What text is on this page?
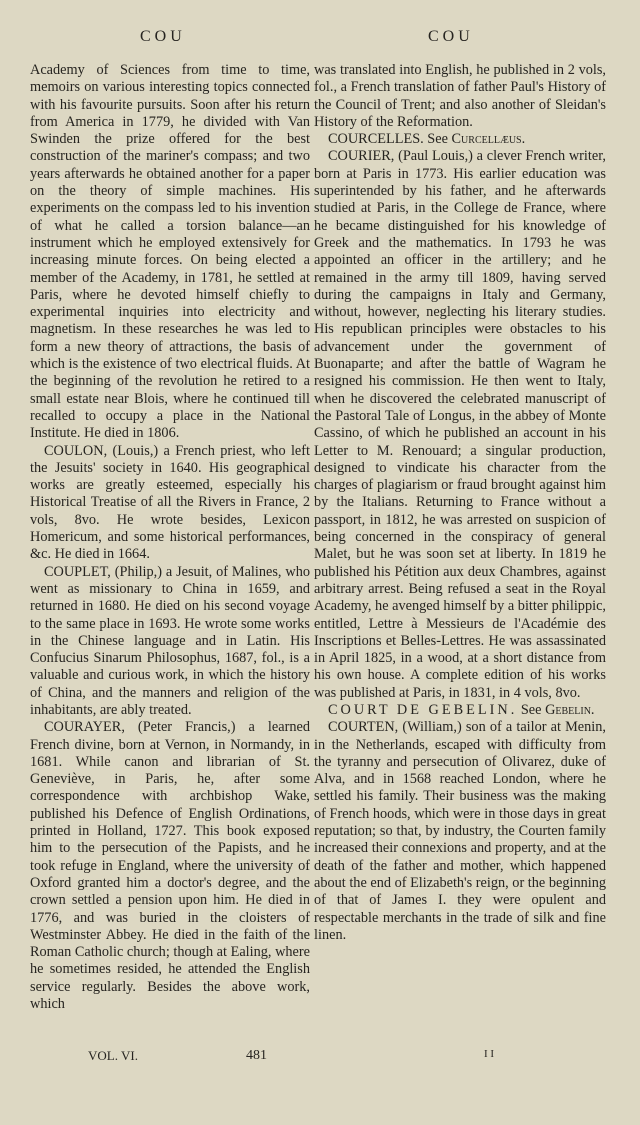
COU	COU

Academy of Sciences from time to time, memoirs on various interesting topics connected with his favourite pursuits. Soon after his return from America in 1779, he divided with Van Swinden the prize offered for the best construction of the mariner's compass; and two years afterwards he obtained another for a paper on the theory of simple machines. His experiments on the compass led to his invention of what he called a torsion balance—an instrument which he employed extensively for increasing minute forces. On being elected a member of the Academy, in 1781, he settled at Paris, where he devoted himself chiefly to experimental inquiries into electricity and magnetism. In these researches he was led to form a new theory of attractions, the basis of which is the existence of two electrical fluids. At the beginning of the revolution he retired to a small estate near Blois, where he continued till recalled to occupy a place in the National Institute. He died in 1806.

COULON, (Louis,) a French priest, who left the Jesuits' society in 1640. His geographical works are greatly esteemed, especially his Historical Treatise of all the Rivers in France, 2 vols, 8vo. He wrote besides, Lexicon Homericum, and some historical performances, &c. He died in 1664.

COUPLET, (Philip,) a Jesuit, of Malines, who went as missionary to China in 1659, and returned in 1680. He died on his second voyage to the same place in 1693. He wrote some works in the Chinese language and in Latin. His Confucius Sinarum Philosophus, 1687, fol., is a valuable and curious work, in which the history of China, and the manners and religion of the inhabitants, are ably treated.

COURAYER, (Peter Francis,) a learned French divine, born at Vernon, in Normandy, in 1681. While canon and librarian of St. Geneviève, in Paris, he, after some correspondence with archbishop Wake, published his Defence of English Ordinations, printed in Holland, 1727. This book exposed him to the persecution of the Papists, and he took refuge in England, where the university of Oxford granted him a doctor's degree, and the crown settled a pension upon him. He died in 1776, and was buried in the cloisters of Westminster Abbey. He died in the faith of the Roman Catholic church; though at Ealing, where he sometimes resided, he attended the English service regularly. Besides the above work, which

was translated into English, he published in 2 vols, fol., a French translation of father Paul's History of the Council of Trent; and also another of Sleidan's History of the Reformation.

COURCELLES. See Curcellæus.

COURIER, (Paul Louis,) a clever French writer, born at Paris in 1773. His earlier education was superintended by his father, and he afterwards studied at Paris, in the College de France, where he became distinguished for his knowledge of Greek and the mathematics. In 1793 he was appointed an officer in the artillery; and he remained in the army till 1809, having served during the campaigns in Italy and Germany, without, however, neglecting his literary studies. His republican principles were obstacles to his advancement under the government of Buonaparte; and after the battle of Wagram he resigned his commission. He then went to Italy, when he discovered the celebrated manuscript of the Pastoral Tale of Longus, in the abbey of Monte Cassino, of which he published an account in his Letter to M. Renouard; a singular production, designed to vindicate his character from the charges of plagiarism or fraud brought against him by the Italians. Returning to France without a passport, in 1812, he was arrested on suspicion of being concerned in the conspiracy of general Malet, but he was soon set at liberty. In 1819 he published his Pétition aux deux Chambres, against arbitrary arrest. Being refused a seat in the Royal Academy, he avenged himself by a bitter philippic, entitled, Lettre à Messieurs de l'Académie des Inscriptions et Belles-Lettres. He was assassinated in April 1825, in a wood, at a short distance from his own house. A complete edition of his works was published at Paris, in 1831, in 4 vols, 8vo.

COURT DE GEBELIN. See Gebelin.

COURTEN, (William,) son of a tailor at Menin, in the Netherlands, escaped with difficulty from the tyranny and persecution of Olivarez, duke of Alva, and in 1568 reached London, where he settled his family. Their business was the making of French hoods, which were in those days in great reputation; so that, by industry, the Courten family increased their connexions and property, and at the death of the father and mother, which happened about the end of Elizabeth's reign, or the beginning of that of James I. they were opulent and respectable merchants in the trade of silk and fine linen.

VOL. VI.	481	I I
